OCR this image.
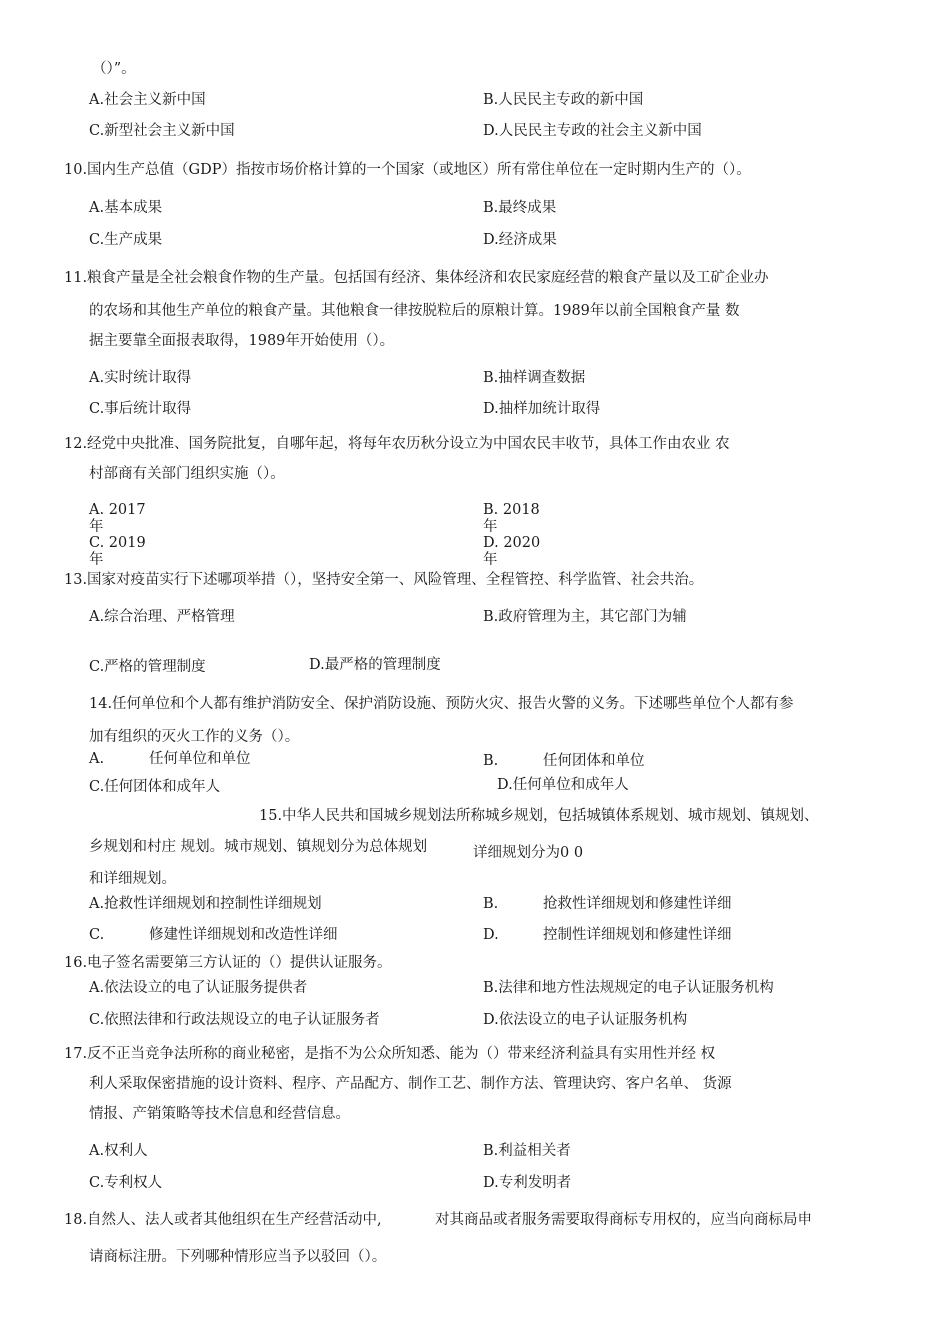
（）”。
A.社会主义新中国	B.人民民主专政的新中国
C.新型社会主义新中国	D.人民民主专政的社会主义新中国
10.国内生产总值（GDP）指按市场价格计算的一个国家（或地区）所有常住单位在一定时期内生产的（）。
A.基本成果	B.最终成果
C.生产成果	D.经济成果
11.粮食产量是全社会粮食作物的生产量。包括国有经济、集体经济和农民家庭经营的粮食产量以及工矿企业办
的农场和其他生产单位的粮食产量。其他粮食一律按脱粒后的原粮计算。1989年以前全国粮食产量 数
据主要靠全面报表取得，1989年开始使用（）。
A.实时统计取得	B.抽样调查数据
C.事后统计取得	D.抽样加统计取得
12.经党中央批准、国务院批复，自哪年起，将每年农历秋分设立为中国农民丰收节，具体工作由农业 农
村部商有关部门组织实施（）。
A. 2017
年
B. 2018
年
C. 2019
年
D. 2020
年
13.国家对疫苗实行下述哪项举措（），坚持安全第一、风险管理、全程管控、科学监管、社会共治。
A.综合治理、严格管理	B.政府管理为主，其它部门为辅
C.严格的管理制度	D.最严格的管理制度
14.任何单位和个人都有维护消防安全、保护消防设施、预防火灾、报告火警的义务。下述哪些单位个人都有参
加有组织的灭火工作的义务（）。
A.	任何单位和单位	B.	任何团体和单位
C.任何团体和成年人	D.任何单位和成年人
15.中华人民共和国城乡规划法所称城乡规划，包括城镇体系规划、城市规划、镇规划、
乡规划和村庄 规划。城市规划、镇规划分为总体规划	详细规划分为0 0
和详细规划。
A.抢救性详细规划和控制性详细规划	B.	抢救性详细规划和修建性详细
C.	修建性详细规划和改造性详细	D.	控制性详细规划和修建性详细
16.电子签名需要第三方认证的（）提供认证服务。
A.依法设立的电了认证服务提供者	B.法律和地方性法规规定的电子认证服务机构
C.依照法律和行政法规设立的电子认证服务者	D.依法设立的电子认证服务机构
17.反不正当竞争法所称的商业秘密，是指不为公众所知悉、能为（）带来经济利益具有实用性并经 权
利人采取保密措施的设计资料、程序、产品配方、制作工艺、制作方法、管理诀窍、客户名单、 货源
情报、产销策略等技术信息和经营信息。
A.权利人	B.利益相关者
C.专利权人	D.专利发明者
18.自然人、法人或者其他组织在生产经营活动中,	对其商品或者服务需要取得商标专用权的，应当向商标局申
请商标注册。下列哪种情形应当予以驳回（）。
